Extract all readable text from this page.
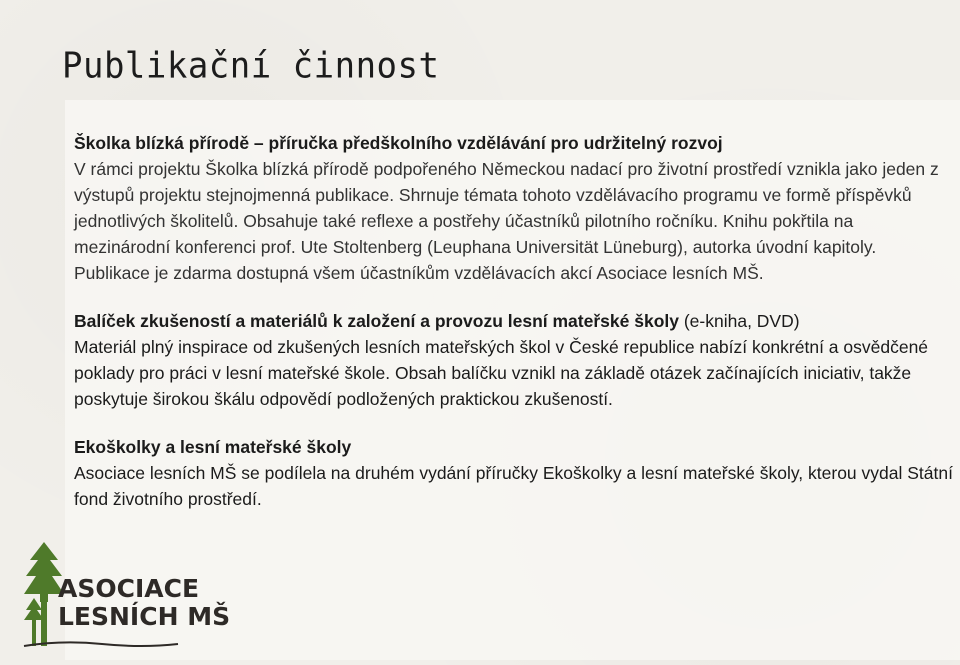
Publikační činnost
Školka blízká přírodě – příručka předškolního vzdělávání pro udržitelný rozvoj
V rámci projektu Školka blízká přírodě podpořeného Německou nadací pro životní prostředí vznikla jako jeden z výstupů projektu stejnojmenná publikace. Shrnuje témata tohoto vzdělávacího programu ve formě příspěvků jednotlivých školitelů. Obsahuje také reflexe a postřehy účastníků pilotního ročníku. Knihu pokřtila na mezinárodní konferenci prof. Ute Stoltenberg (Leuphana Universität Lüneburg), autorka úvodní kapitoly. Publikace je zdarma dostupná všem účastníkům vzdělávacích akcí Asociace lesních MŠ.
Balíček zkušeností a materiálů k založení a provozu lesní mateřské školy (e-kniha, DVD)
Materiál plný inspirace od zkušených lesních mateřských škol v České republice nabízí konkrétní a osvědčené poklady pro práci v lesní mateřské škole. Obsah balíčku vznikl na základě otázek začínajících iniciativ, takže poskytuje širokou škálu odpovědí podložených praktickou zkušeností.
Ekoškolky a lesní mateřské školy
Asociace lesních MŠ se podílela na druhém vydání příručky Ekoškolky a lesní mateřské školy, kterou vydal Státní fond životního prostředí.
ASOCIACE
LESNÍCH MŠ
